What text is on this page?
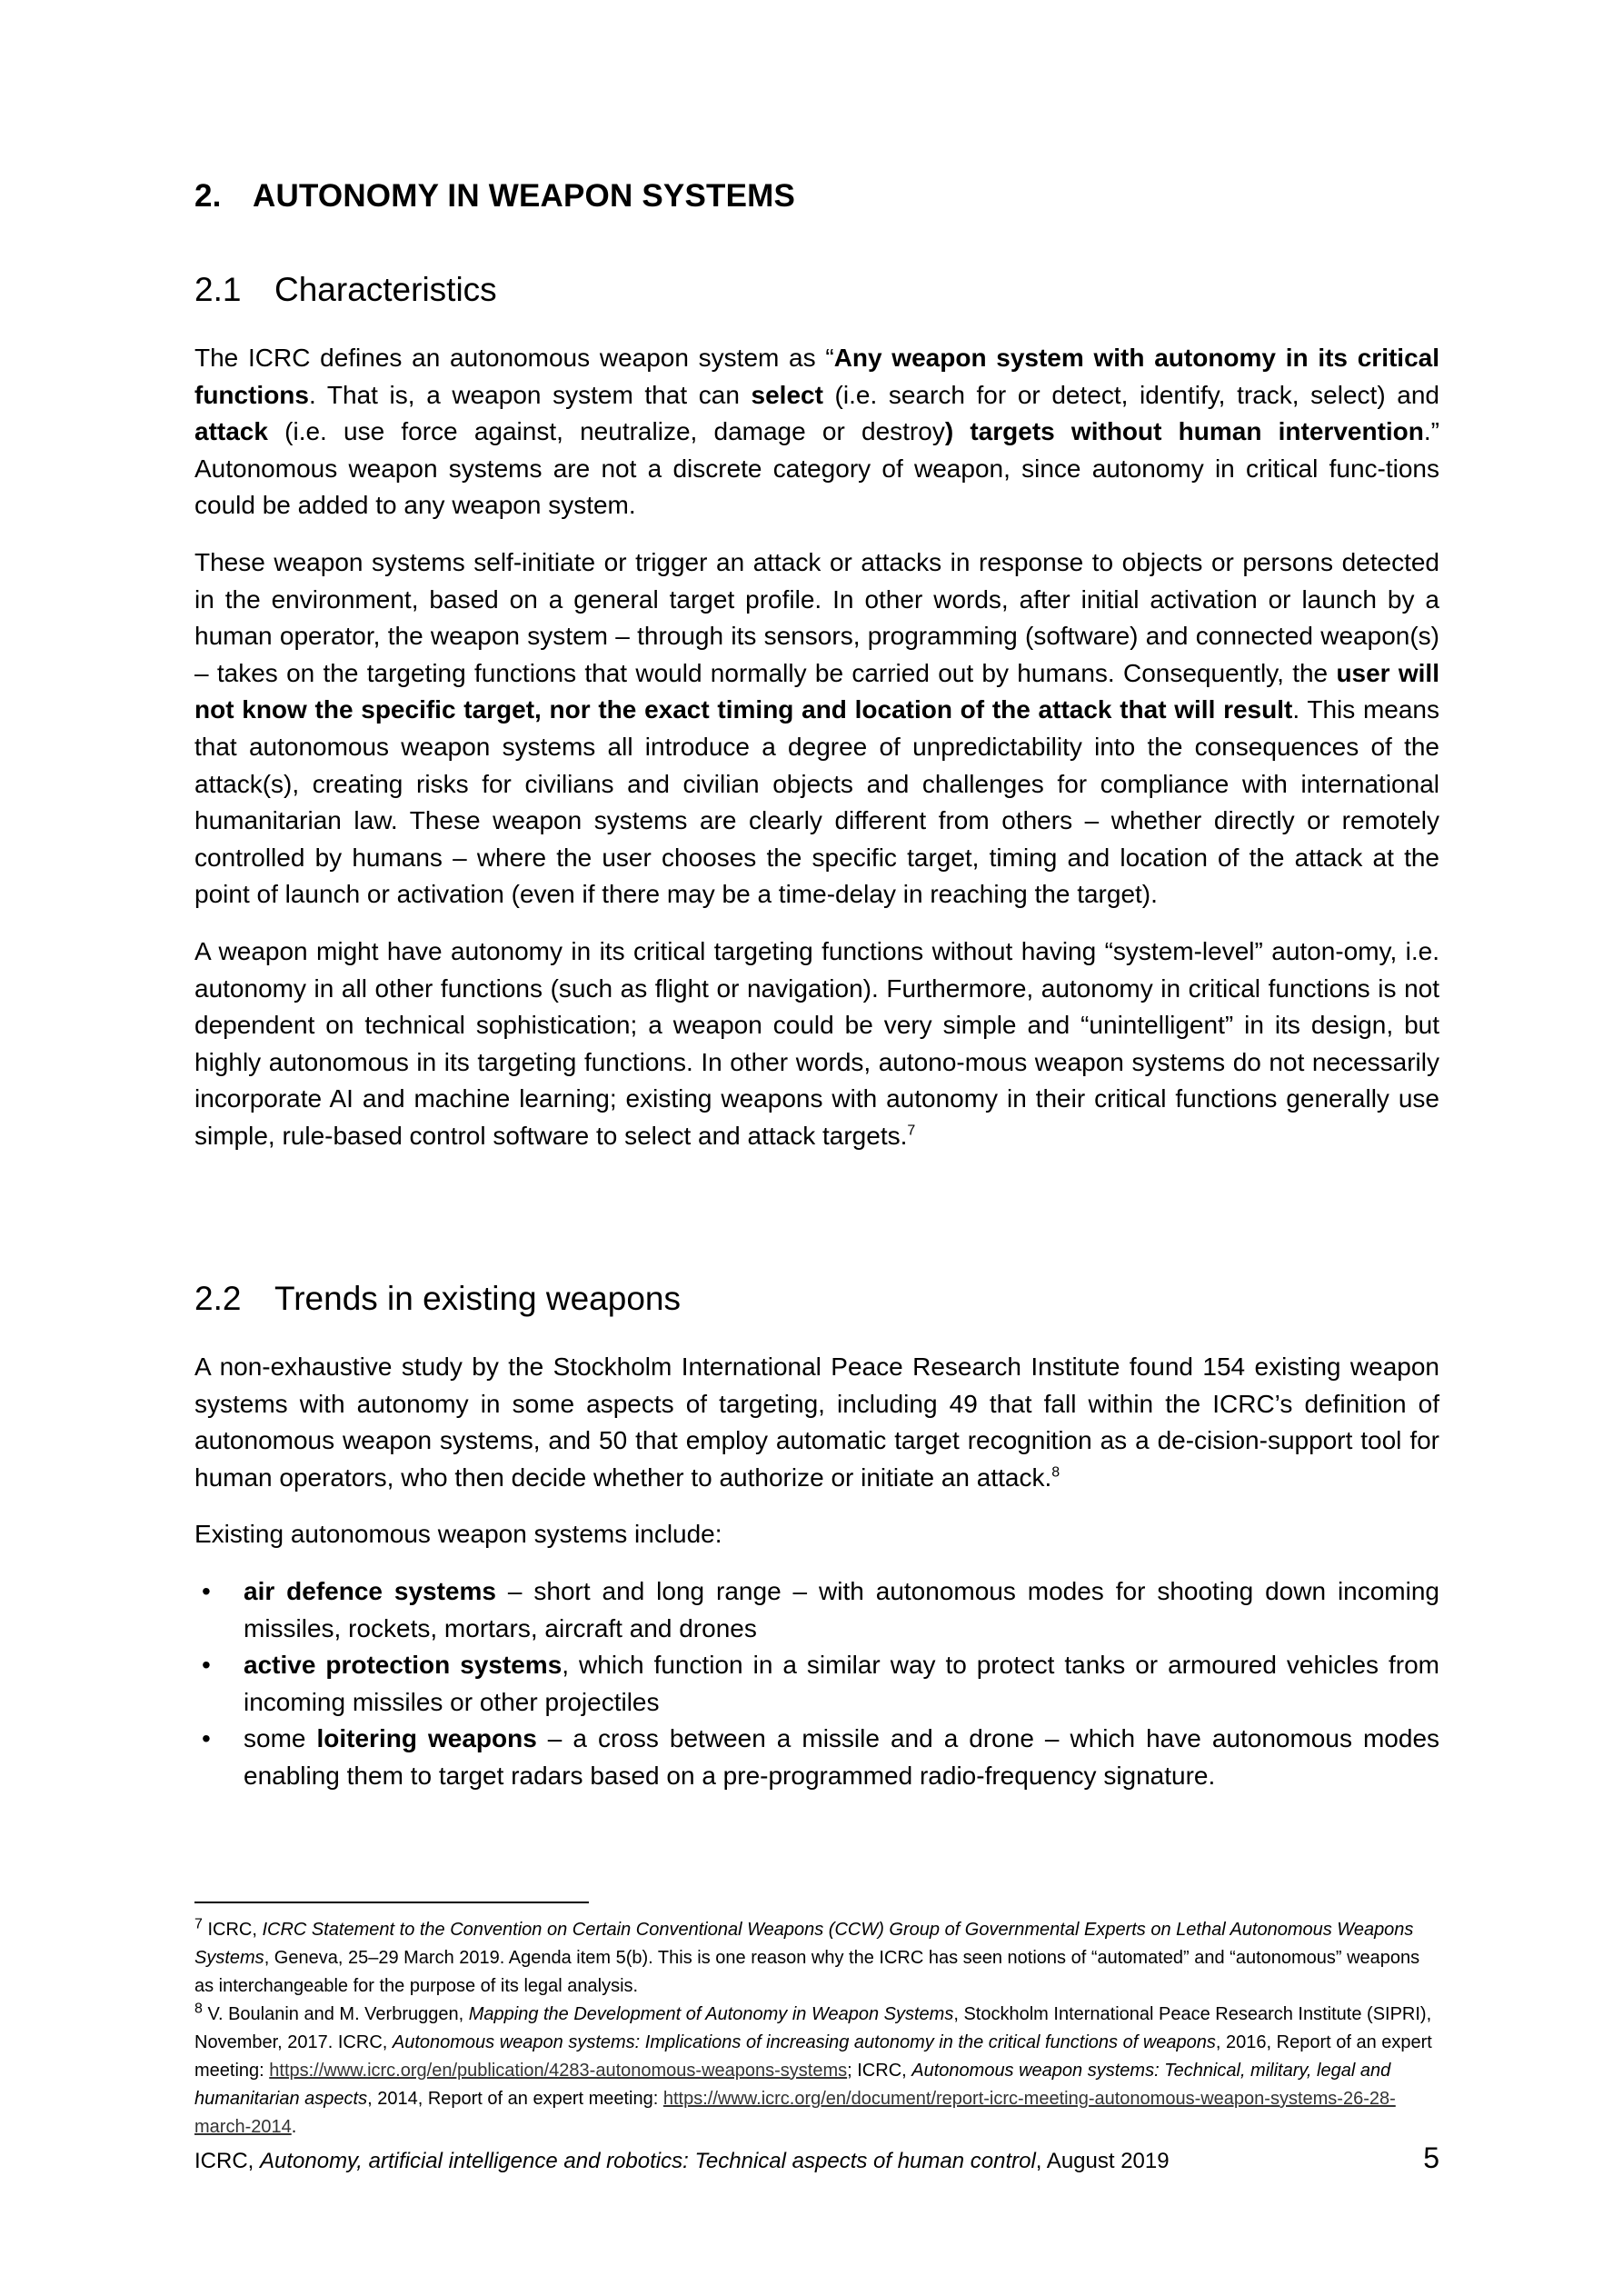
2. AUTONOMY IN WEAPON SYSTEMS
2.1 Characteristics

The ICRC defines an autonomous weapon system as “Any weapon system with autonomy in its critical functions. That is, a weapon system that can select (i.e. search for or detect, identify, track, select) and attack (i.e. use force against, neutralize, damage or destroy) targets without human intervention.” Autonomous weapon systems are not a discrete category of weapon, since autonomy in critical func-tions could be added to any weapon system.

These weapon systems self-initiate or trigger an attack or attacks in response to objects or persons detected in the environment, based on a general target profile. In other words, after initial activation or launch by a human operator, the weapon system – through its sensors, programming (software) and connected weapon(s) – takes on the targeting functions that would normally be carried out by humans. Consequently, the user will not know the specific target, nor the exact timing and location of the attack that will result. This means that autonomous weapon systems all introduce a degree of unpredictability into the consequences of the attack(s), creating risks for civilians and civilian objects and challenges for compliance with international humanitarian law. These weapon systems are clearly different from others – whether directly or remotely controlled by humans – where the user chooses the specific target, timing and location of the attack at the point of launch or activation (even if there may be a time-delay in reaching the target).

A weapon might have autonomy in its critical targeting functions without having “system-level” auton-omy, i.e. autonomy in all other functions (such as flight or navigation). Furthermore, autonomy in critical functions is not dependent on technical sophistication; a weapon could be very simple and “unintelligent” in its design, but highly autonomous in its targeting functions. In other words, autono-mous weapon systems do not necessarily incorporate AI and machine learning; existing weapons with autonomy in their critical functions generally use simple, rule-based control software to select and attack targets.$^7$

2.2 Trends in existing weapons

A non-exhaustive study by the Stockholm International Peace Research Institute found 154 existing weapon systems with autonomy in some aspects of targeting, including 49 that fall within the ICRC’s definition of autonomous weapon systems, and 50 that employ automatic target recognition as a de-cision-support tool for human operators, who then decide whether to authorize or initiate an attack.$^8$

Existing autonomous weapon systems include:

• air defence systems – short and long range – with autonomous modes for shooting down incoming missiles, rockets, mortars, aircraft and drones
• active protection systems, which function in a similar way to protect tanks or armoured vehicles from incoming missiles or other projectiles
• some loitering weapons – a cross between a missile and a drone – which have autonomous modes enabling them to target radars based on a pre-programmed radio-frequency signature.

$^7$ ICRC, ICRC Statement to the Convention on Certain Conventional Weapons (CCW) Group of Governmental Experts on Lethal Autonomous Weapons Systems, Geneva, 25–29 March 2019. Agenda item 5(b). This is one reason why the ICRC has seen notions of “automated” and “autonomous” weapons as interchangeable for the purpose of its legal analysis.

$^8$ V. Boulanin and M. Verbruggen, Mapping the Development of Autonomy in Weapon Systems, Stockholm International Peace Research Institute (SIPRI), November, 2017. ICRC, Autonomous weapon systems: Implications of increasing autonomy in the critical functions of weapons, 2016, Report of an expert meeting: https://www.icrc.org/en/publication/4283-autonomous-weapons-systems; ICRC, Autonomous weapon systems: Technical, military, legal and humanitarian aspects, 2014, Report of an expert meeting: https://www.icrc.org/en/document/report-icrc-meeting-autonomous-weapon-systems-26-28-march-2014.

ICRC, Autonomy, artificial intelligence and robotics: Technical aspects of human control, August 2019	5
